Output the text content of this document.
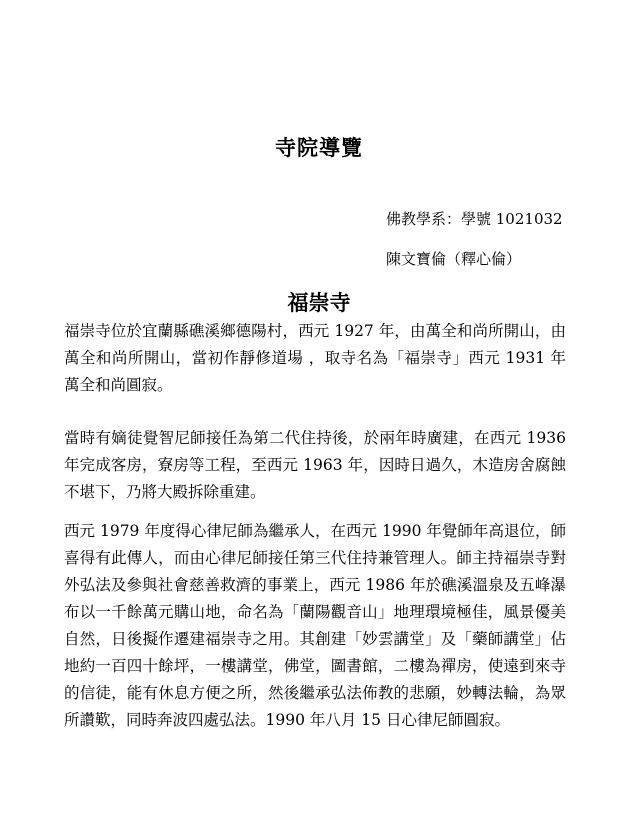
寺院導覽
佛教學系：學號 1021032
陳文寶倫（釋心倫）
福崇寺

福崇寺位於宜蘭縣礁溪鄉德陽村，西元 1927 年，由萬全和尚所開山，由萬全和尚所開山，當初作靜修道場 ，取寺名為「福崇寺」西元 1931 年萬全和尚圓寂。

當時有嫡徒覺智尼師接任為第二代住持後，於兩年時廣建，在西元 1936 年完成客房，寮房等工程，至西元 1963 年，因時日過久，木造房舍腐蝕不堪下，乃將大殿拆除重建。

西元 1979 年度得心律尼師為繼承人，在西元 1990 年覺師年高退位，師喜得有此傳人，而由心律尼師接任第三代住持兼管理人。師主持福崇寺對外弘法及參與社會慈善救濟的事業上，西元 1986 年於礁溪溫泉及五峰瀑布以一千餘萬元購山地，命名為「蘭陽觀音山」地理環境極佳，風景優美自然，日後擬作遷建福崇寺之用。其創建「妙雲講堂」及「藥師講堂」佔地約一百四十餘坪，一樓講堂，佛堂，圖書館，二樓為禪房，使遠到來寺的信徒，能有休息方便之所，然後繼承弘法佈教的悲願，妙轉法輪，為眾所讚歎，同時奔波四處弘法。1990 年八月 15 日心律尼師圓寂。
